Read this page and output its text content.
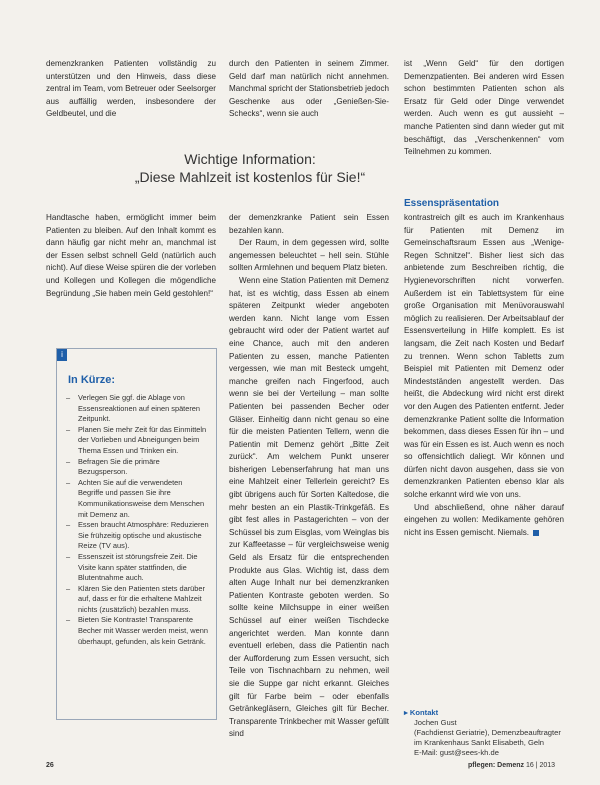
demenzkranken Patienten vollständig zu unterstützen und den Hinweis, dass diese zentral im Team, vom Betreuer oder Seelsorger aus auffällig werden, insbesondere der Geldbeutel, und die

durch den Patienten in seinem Zimmer. Geld darf man natürlich nicht annehmen. Manchmal spricht der Stationsbetrieb jedoch Geschenke aus oder „Genießen-Sie-Schecks“, wenn sie auch

ist „Wenn Geld“ für den dortigen Demenzpatienten. Bei anderen wird Essen schon bestimmten Patienten schon als Ersatz für Geld oder Dinge verwendet werden. Auch wenn es gut aussieht – manche Patienten sind dann wieder gut mit beschäftigt, das „Verschenkennen“ vom Teilnehmen zu kommen.

Wichtige Information:
„Diese Mahlzeit ist kostenlos für Sie!“
Essenspräsentation

Handtasche haben, ermöglicht immer beim Patienten zu bleiben. Auf den Inhalt kommt es dann häufig gar nicht mehr an, manchmal ist der Essen selbst schnell Geld (natürlich auch nicht). Auf diese Weise spüren die der vorleben und Kollegen und Kollegen die mögendliche Begründung „Sie haben mein Geld gestohlen!“

der demenzkranke Patient sein Essen bezahlen kann.

Der Raum, in dem gegessen wird, sollte angemessen beleuchtet – hell sein. Stühle sollten Armlehnen und bequem Platz bieten.

Wenn eine Station Patienten mit Demenz hat, ist es wichtig, dass Essen ab einem späteren Zeitpunkt wieder angeboten werden kann. Nicht lange vom Essen gebraucht wird oder der Patient wartet auf eine Chance, auch mit den anderen Patienten zu essen, manche Patienten vergessen, wie man mit Besteck umgeht, manche greifen nach Fingerfood, auch wenn sie bei der Verteilung – man sollte Patienten bei passenden Becher oder Gläser. Einheitig dann nicht genau so eine für die meisten Patienten Tellern, wenn die Patientin mit Demenz gehört „Bitte Zeit zurück“. Am welchem Punkt unserer bisherigen Lebenserfahrung hat man uns eine Mahlzeit einer Tellerlein gereicht? Es gibt übrigens auch für Sorten Kaltedose, die mehr besten an ein Plastik-Trinkgefäß. Es gibt fest alles in Pastagerichten – von der Schüssel bis zum Eisglas, vom Weinglas bis zur Kaffeetasse – für vergleichsweise wenig Geld als Ersatz für die entsprechenden Produkte aus Glas. Wichtig ist, dass dem alten Auge Inhalt nur bei demenzkranken Patienten Kontraste geboten werden. So sollte keine Milchsuppe in einer weißen Schüssel auf einer weißen Tischdecke angerichtet werden. Man konnte dann eventuell erleben, dass die Patientin nach der Aufforderung zum Essen versucht, sich Teile von Tischnachbarn zu nehmen, weil sie die Suppe gar nicht erkannt. Gleiches gilt für Farbe beim – oder ebenfalls Getränkegläsern, Gleiches gilt für Becher. Transparente Trinkbecher mit Wasser gefüllt sind

kontrastreich gilt es auch im Krankenhaus für Patienten mit Demenz im Gemeinschaftsraum Essen aus „Wenige-Regen Schnitzel“. Bisher liest sich das anbietende zum Beschreiben richtig, die Hygienevorschriften nicht vorwerfen. Außerdem ist ein Tablettsystem für eine große Organisation mit Menüvorauswahl möglich zu realisieren. Der Arbeitsablauf der Essensverteilung in Hilfe komplett. Es ist langsam, die Zeit nach Kosten und Bedarf zu trennen. Wenn schon Tabletts zum Beispiel mit Patienten mit Demenz oder Mindestständen angestellt werden. Das heißt, die Abdeckung wird nicht erst direkt vor den Augen des Patienten entfernt. Jeder demenzkranke Patient sollte die Information bekommen, dass dieses Essen für ihn – und was für ein Essen es ist. Auch wenn es noch so offensichtlich daliegt. Wir können und dürfen nicht davon ausgehen, dass sie von demenzkranken Patienten ebenso klar als solche erkannt wird wie von uns.

Und abschließend, ohne näher darauf eingehen zu wollen: Medikamente gehören nicht ins Essen gemischt. Niemals.

i
In Kürze:
– Verlegen Sie ggf. die Ablage von Essensreaktionen auf einen späteren Zeitpunkt.
– Planen Sie mehr Zeit für das Einmitteln der Vorlieben und Abneigungen beim Thema Essen und Trinken ein.
– Befragen Sie die primäre Bezugsperson.
– Achten Sie auf die verwendeten Begriffe und passen Sie ihre Kommunikationsweise dem Menschen mit Demenz an.
– Essen braucht Atmosphäre: Reduzieren Sie frühzeitig optische und akustische Reize (TV aus).
– Essenszeit ist störungsfreie Zeit. Die Visite kann später stattfinden, die Blutentnahme auch.
– Klären Sie den Patienten stets darüber auf, dass er für die erhaltene Mahlzeit nichts (zusätzlich) bezahlen muss.
– Bieten Sie Kontraste! Transparente Becher mit Wasser werden meist, wenn überhaupt, gefunden, als kein Getränk.
▸ Kontakt
Jochen Gust
(Fachdienst Geriatrie), Demenzbeauftragter
im Krankenhaus Sankt Elisabeth, Geln
E-Mail: gust@sees-kh.de
26	pflegen: Demenz 16 | 2013
